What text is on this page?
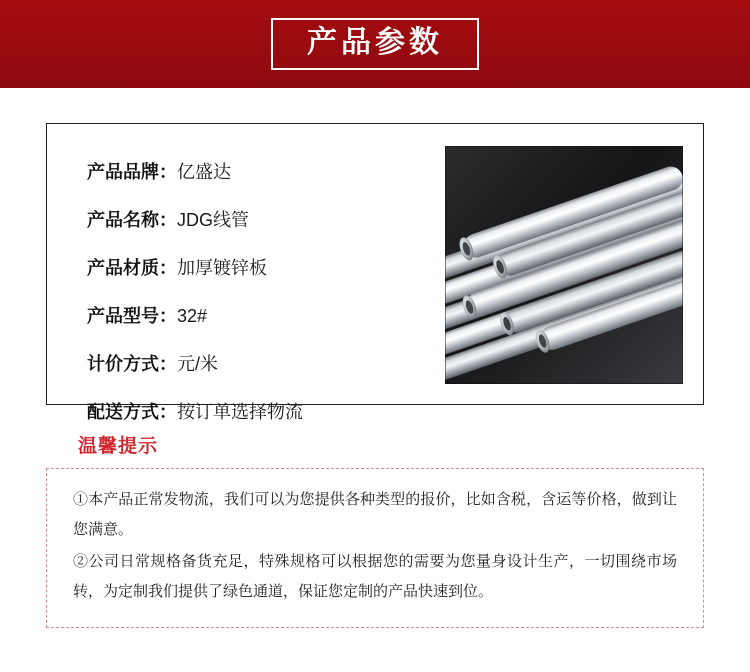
产品参数
产品品牌 ： 亿盛达
产品名称 ： JDG线管
产品材质 ： 加厚镀锌板
产品型号 ： 32#
计价方式 ： 元/米
配送方式 ： 按订单选择物流
温馨提示
①本产品正常发物流，我们可以为您提供各种类型的报价，比如含税，含运等价格，做到让您满意。
②公司日常规格备货充足，特殊规格可以根据您的需要为您量身设计生产，一切围绕市场转，为定制我们提供了绿色通道，保证您定制的产品快速到位。
